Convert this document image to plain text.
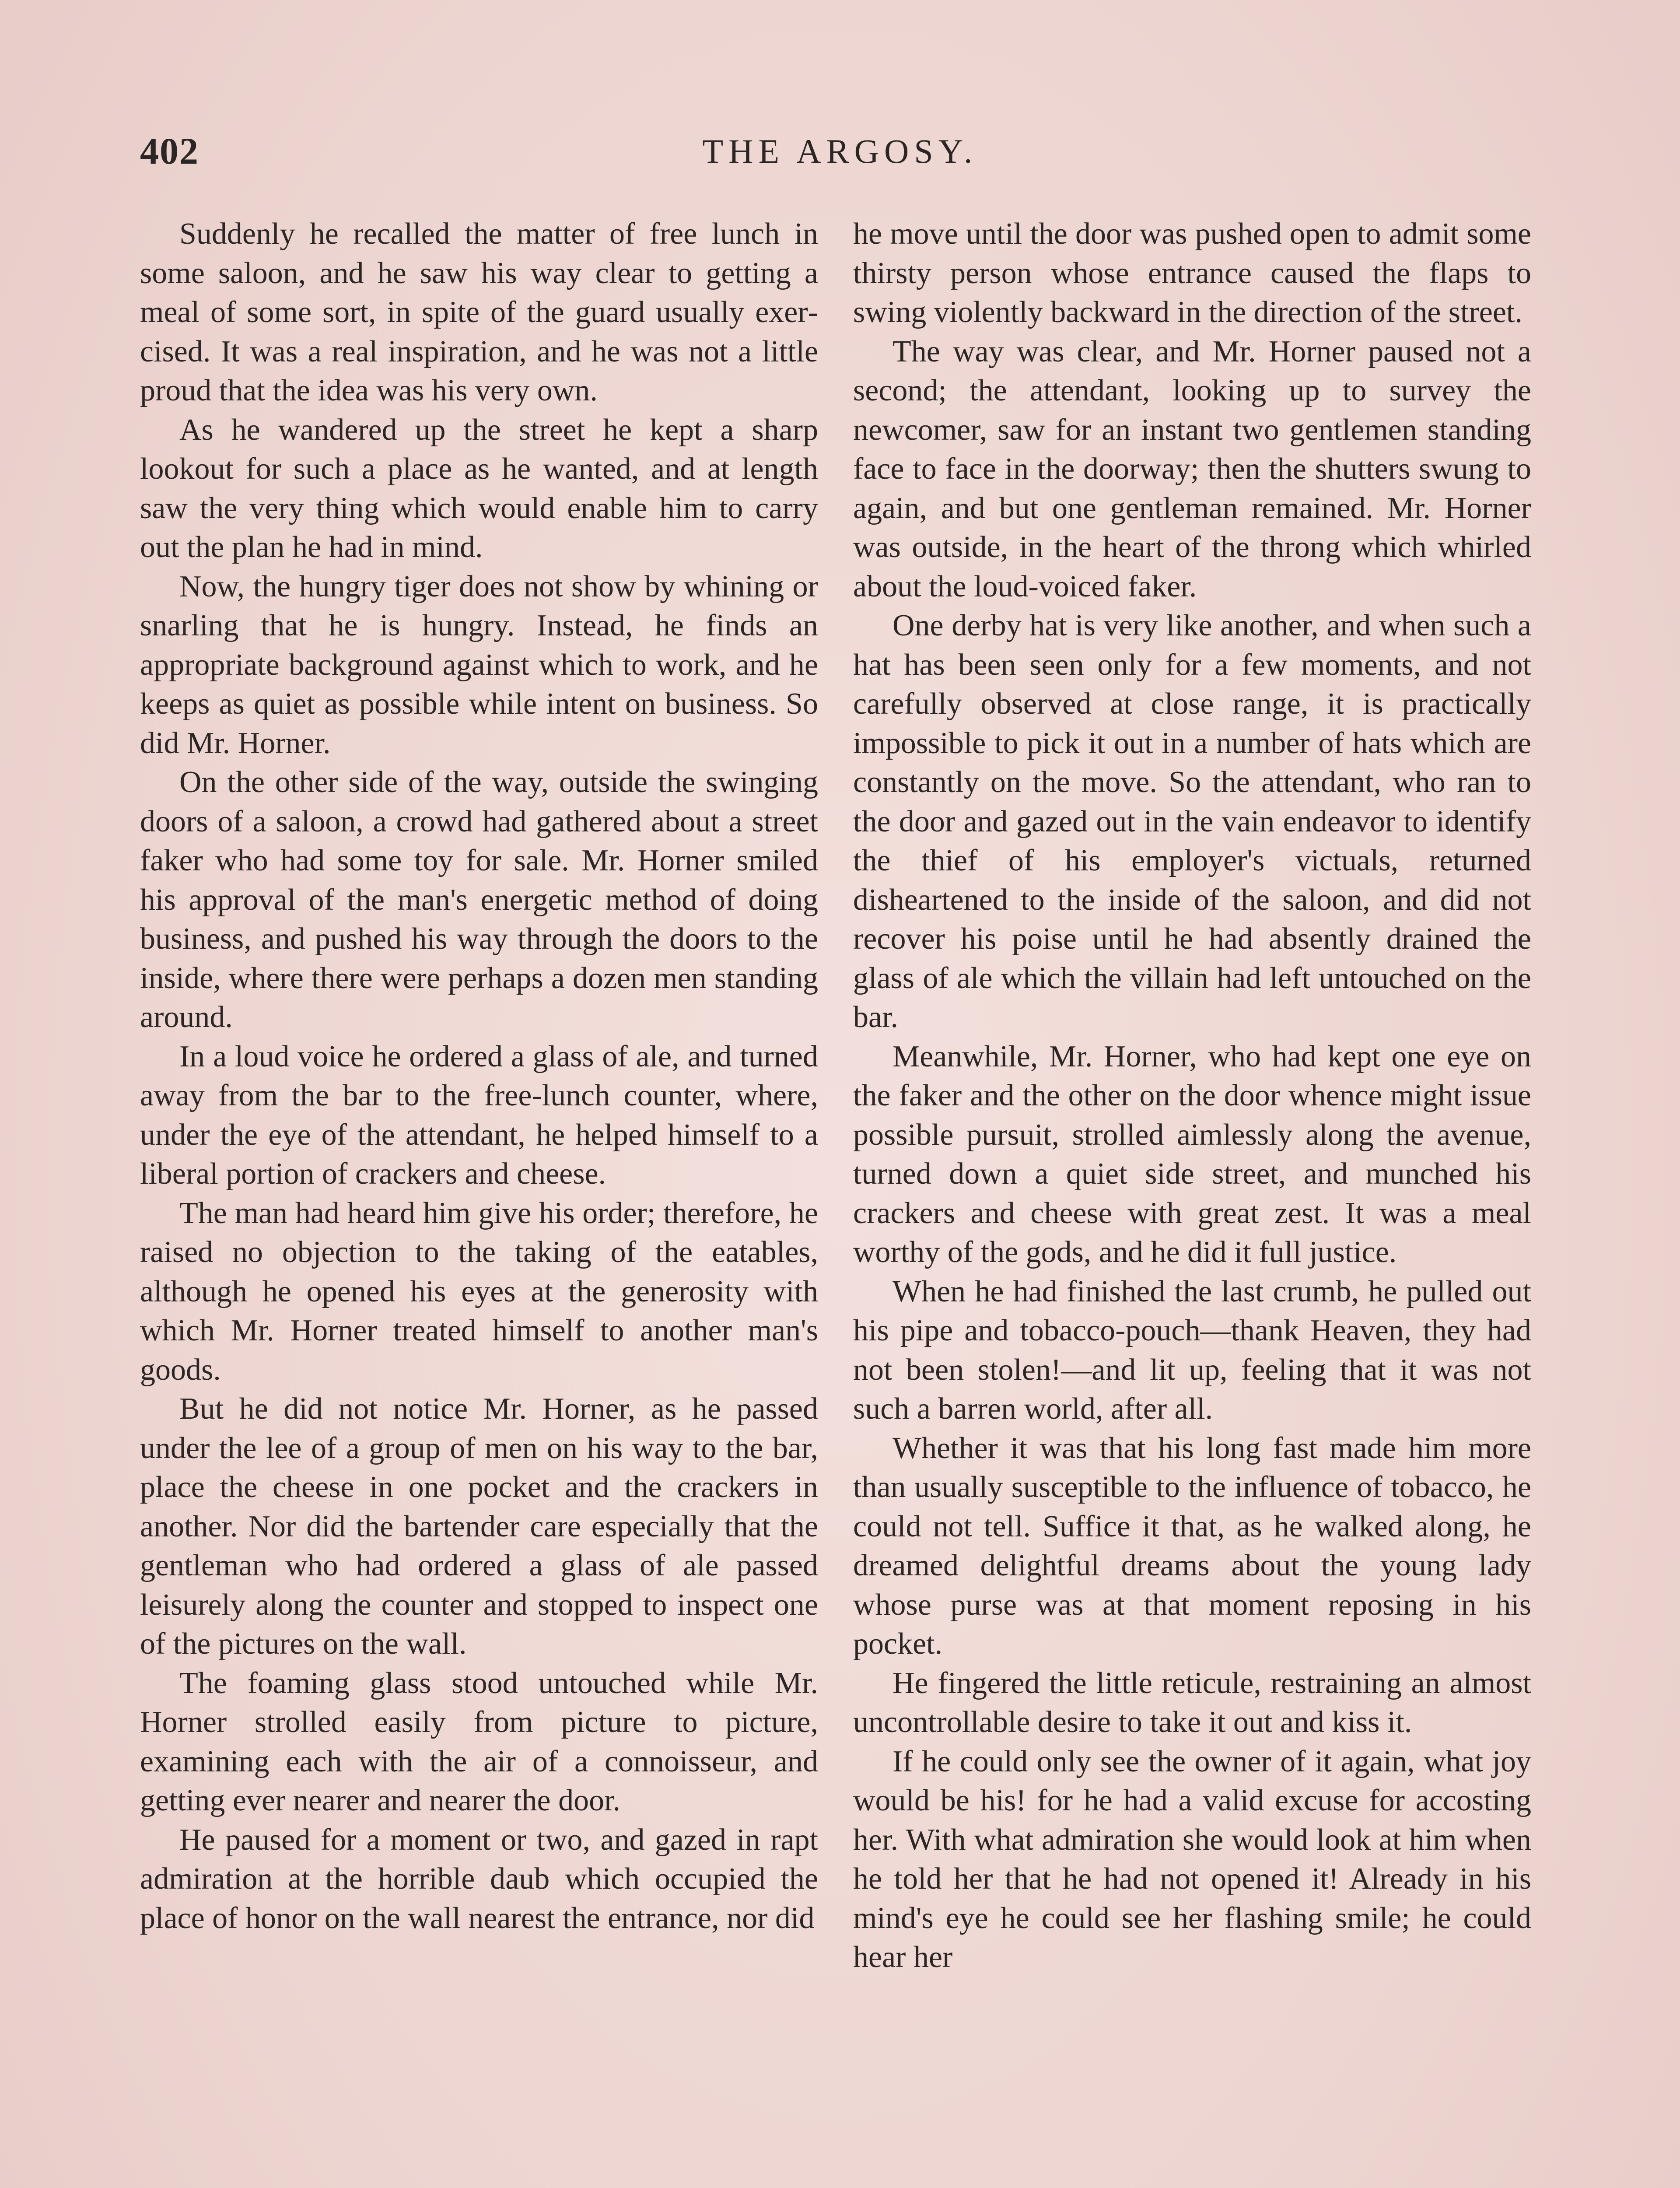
402	THE ARGOSY.

Suddenly he recalled the matter of free lunch in some saloon, and he saw his way clear to getting a meal of some sort, in spite of the guard usually exercised. It was a real inspiration, and he was not a little proud that the idea was his very own.

As he wandered up the street he kept a sharp lookout for such a place as he wanted, and at length saw the very thing which would enable him to carry out the plan he had in mind.

Now, the hungry tiger does not show by whining or snarling that he is hungry. Instead, he finds an appropriate background against which to work, and he keeps as quiet as possible while intent on business. So did Mr. Horner.

On the other side of the way, outside the swinging doors of a saloon, a crowd had gathered about a street faker who had some toy for sale. Mr. Horner smiled his approval of the man's energetic method of doing business, and pushed his way through the doors to the inside, where there were perhaps a dozen men standing around.

In a loud voice he ordered a glass of ale, and turned away from the bar to the free-lunch counter, where, under the eye of the attendant, he helped himself to a liberal portion of crackers and cheese.

The man had heard him give his order; therefore, he raised no objection to the taking of the eatables, although he opened his eyes at the generosity with which Mr. Horner treated himself to another man's goods.

But he did not notice Mr. Horner, as he passed under the lee of a group of men on his way to the bar, place the cheese in one pocket and the crackers in another. Nor did the bartender care especially that the gentleman who had ordered a glass of ale passed leisurely along the counter and stopped to inspect one of the pictures on the wall.

The foaming glass stood untouched while Mr. Horner strolled easily from picture to picture, examining each with the air of a connoisseur, and getting ever nearer and nearer the door.

He paused for a moment or two, and gazed in rapt admiration at the horrible daub which occupied the place of honor on the wall nearest the entrance, nor did

he move until the door was pushed open to admit some thirsty person whose entrance caused the flaps to swing violently backward in the direction of the street.

The way was clear, and Mr. Horner paused not a second; the attendant, looking up to survey the newcomer, saw for an instant two gentlemen standing face to face in the doorway; then the shutters swung to again, and but one gentleman remained. Mr. Horner was outside, in the heart of the throng which whirled about the loud-voiced faker.

One derby hat is very like another, and when such a hat has been seen only for a few moments, and not carefully observed at close range, it is practically impossible to pick it out in a number of hats which are constantly on the move. So the attendant, who ran to the door and gazed out in the vain endeavor to identify the thief of his employer's victuals, returned disheartened to the inside of the saloon, and did not recover his poise until he had absently drained the glass of ale which the villain had left untouched on the bar.

Meanwhile, Mr. Horner, who had kept one eye on the faker and the other on the door whence might issue possible pursuit, strolled aimlessly along the avenue, turned down a quiet side street, and munched his crackers and cheese with great zest. It was a meal worthy of the gods, and he did it full justice.

When he had finished the last crumb, he pulled out his pipe and tobacco-pouch—thank Heaven, they had not been stolen!—and lit up, feeling that it was not such a barren world, after all.

Whether it was that his long fast made him more than usually susceptible to the influence of tobacco, he could not tell. Suffice it that, as he walked along, he dreamed delightful dreams about the young lady whose purse was at that moment reposing in his pocket.

He fingered the little reticule, restraining an almost uncontrollable desire to take it out and kiss it.

If he could only see the owner of it again, what joy would be his! for he had a valid excuse for accosting her. With what admiration she would look at him when he told her that he had not opened it! Already in his mind's eye he could see her flashing smile; he could hear her
